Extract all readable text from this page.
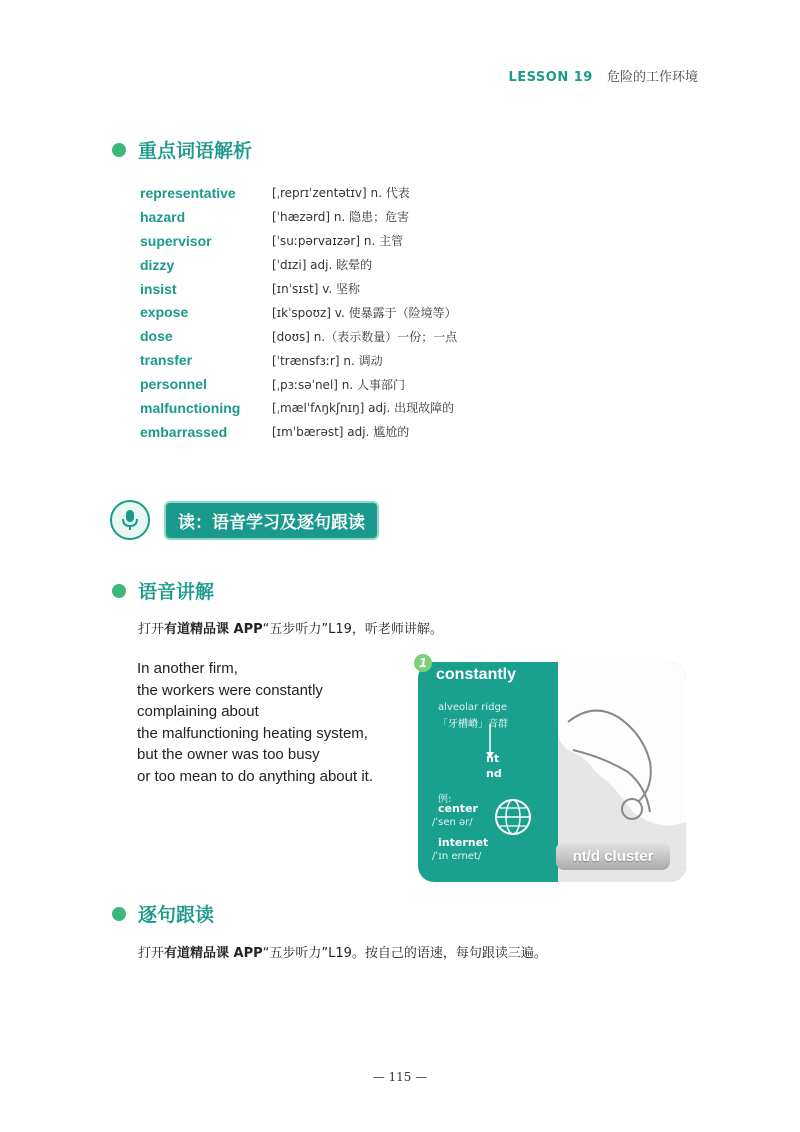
LESSON 19 危险的工作环境
重点词语解析
representative	[ˌreprɪˈzentətɪv] n. 代表
hazard	[ˈhæzərd] n. 隐患；危害
supervisor	[ˈsuːpərvaɪzər] n. 主管
dizzy	[ˈdɪzi] adj. 眩晕的
insist	[ɪnˈsɪst] v. 坚称
expose	[ɪkˈspoʊz] v. 使暴露于（险境等）
dose	[doʊs] n.（表示数量）一份；一点
transfer	[ˈtrænsfɜːr] n. 调动
personnel	[ˌpɜːsəˈnel] n. 人事部门
malfunctioning	[ˌmælˈfʌŋkʃnɪŋ] adj. 出现故障的
embarrassed	[ɪmˈbærəst] adj. 尴尬的
读：语音学习及逐句跟读
语音讲解
打开有道精品课 APP“五步听力”L19，听老师讲解。
In another firm,
the workers were constantly
complaining about
the malfunctioning heating system,
but the owner was too busy
or too mean to do anything about it.
1
constantly
alveolar ridge
「牙槽嵴」音群
nt
nd
例:
center
/ˈsen ər/
internet
/ˈɪn ernet/	nt/d cluster
逐句跟读
打开有道精品课 APP“五步听力”L19。按自己的语速，每句跟读三遍。
— 115 —
